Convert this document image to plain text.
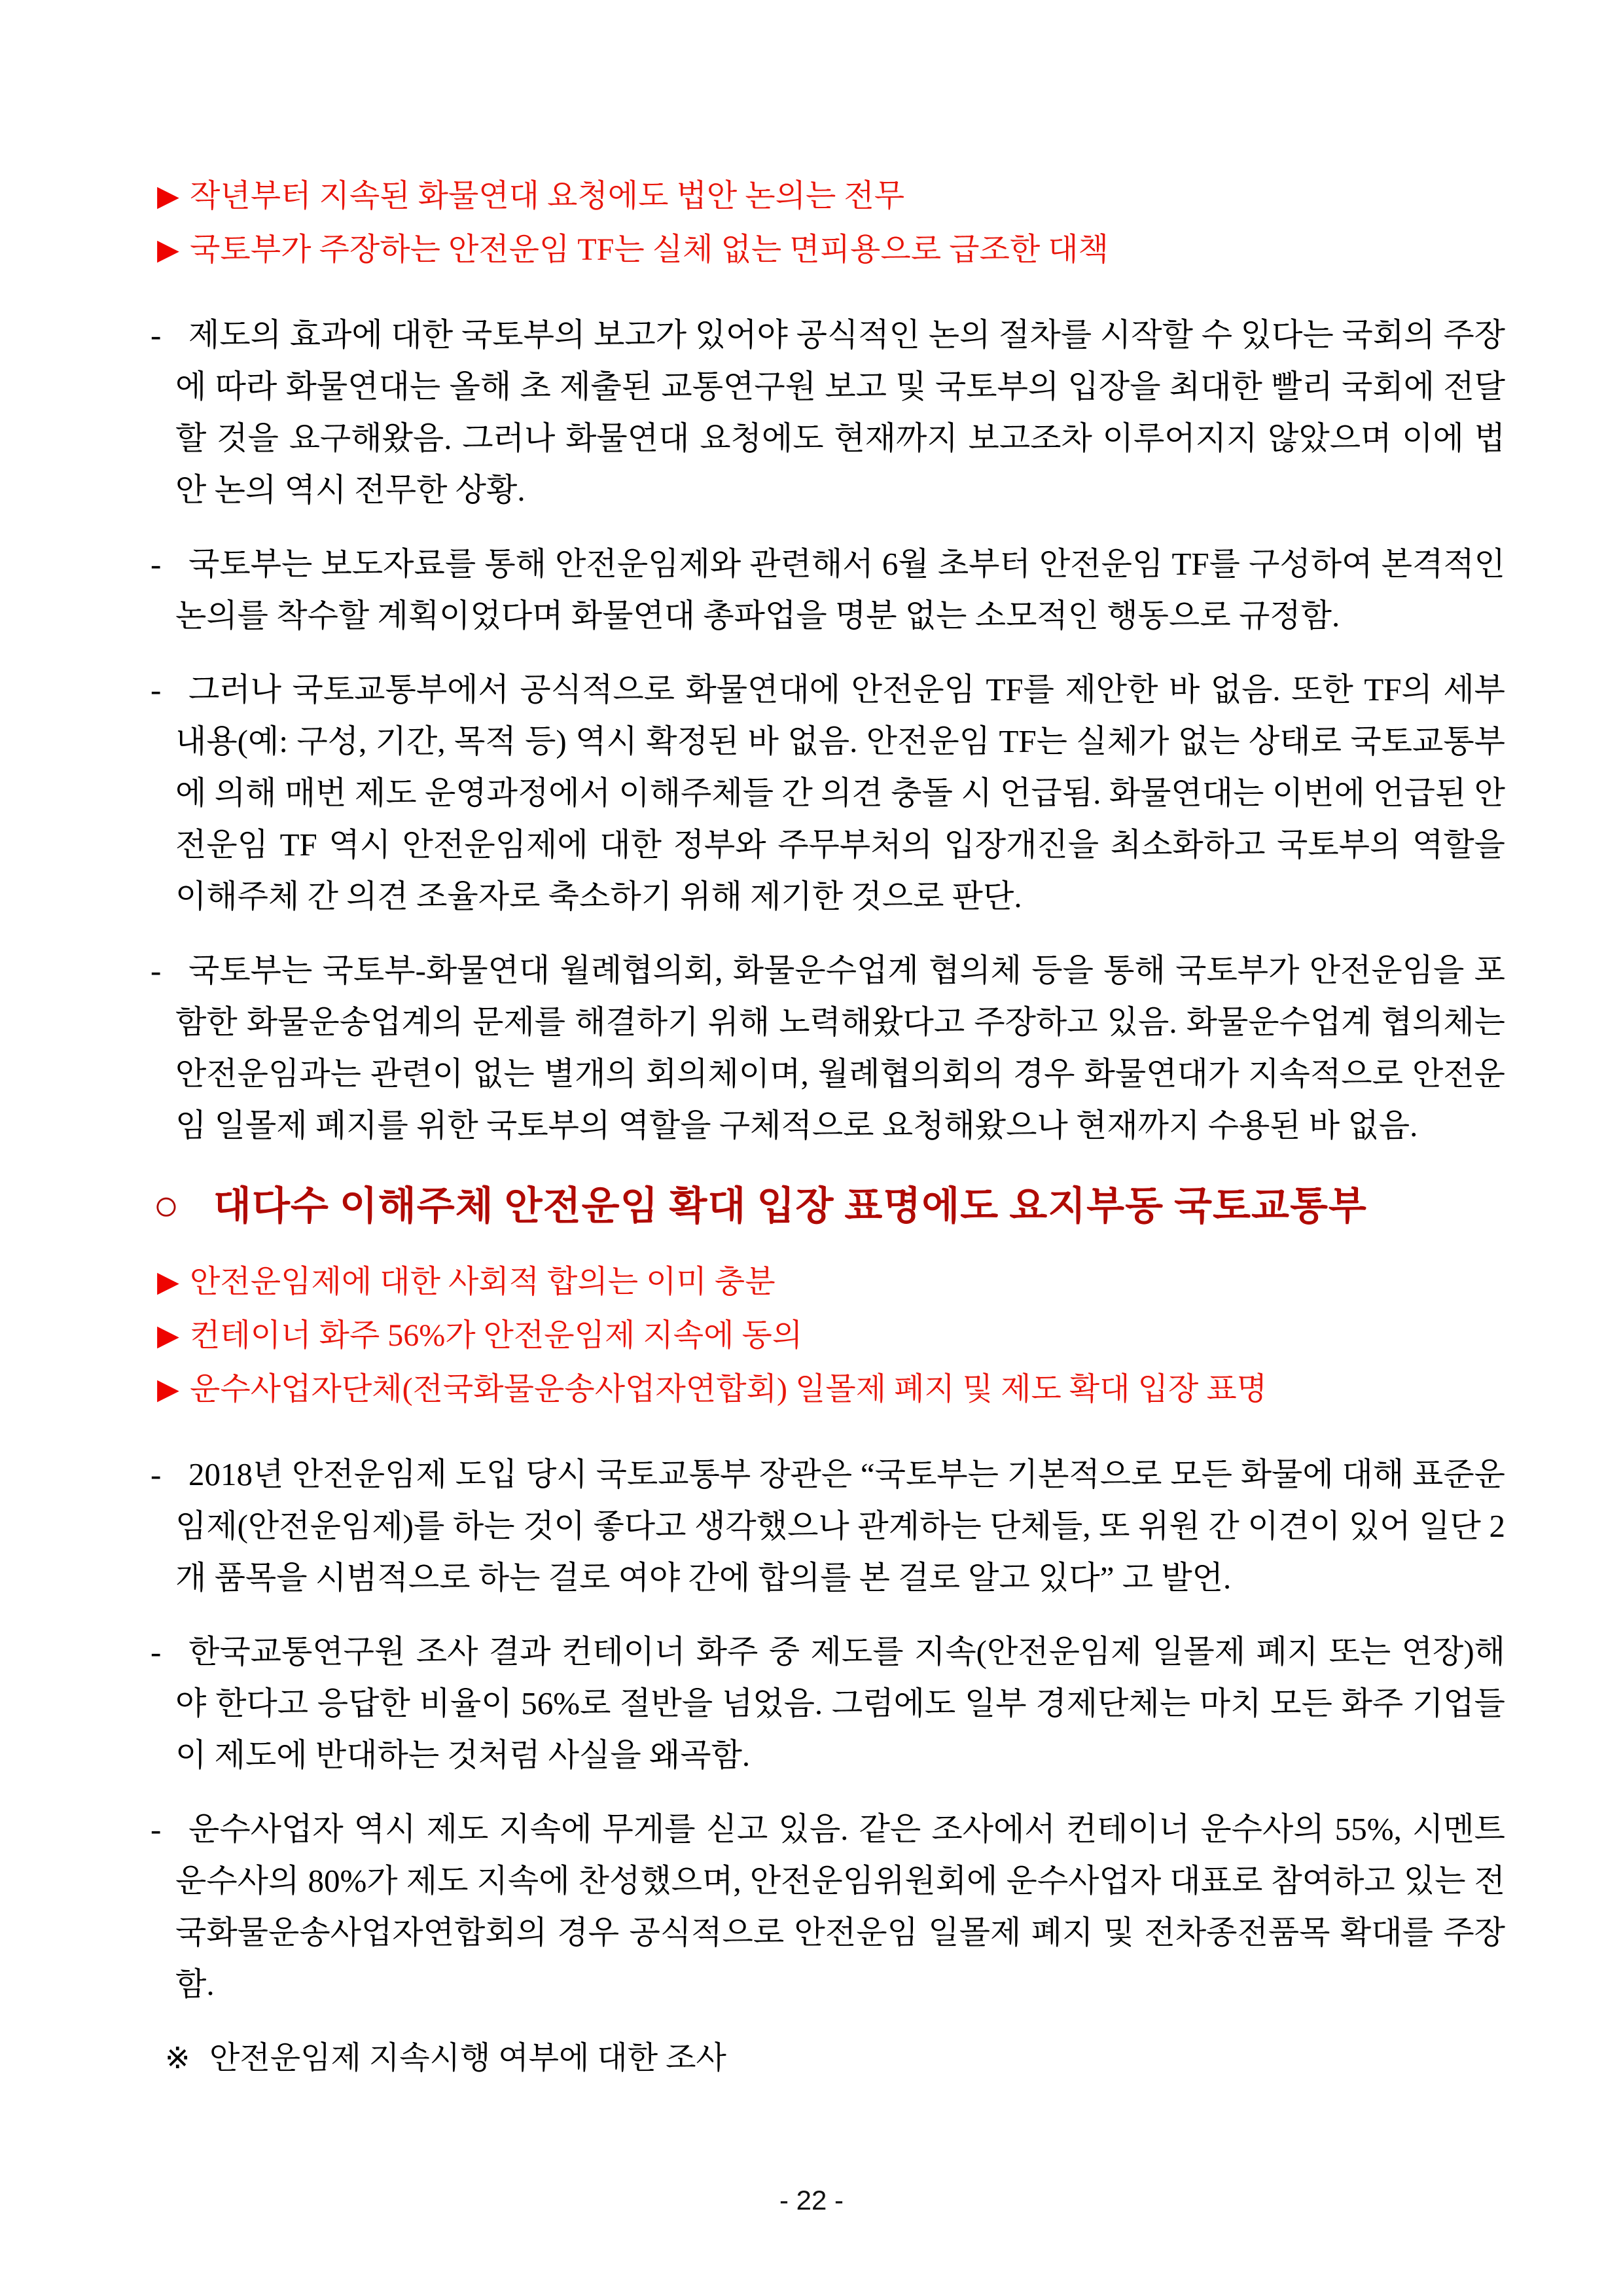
▶ 작년부터 지속된 화물연대 요청에도 법안 논의는 전무
▶ 국토부가 주장하는 안전운임 TF는 실체 없는 면피용으로 급조한 대책
- 제도의 효과에 대한 국토부의 보고가 있어야 공식적인 논의 절차를 시작할 수 있다는 국회의 주장에 따라 화물연대는 올해 초 제출된 교통연구원 보고 및 국토부의 입장을 최대한 빨리 국회에 전달할 것을 요구해왔음. 그러나 화물연대 요청에도 현재까지 보고조차 이루어지지 않았으며 이에 법안 논의 역시 전무한 상황.

- 국토부는 보도자료를 통해 안전운임제와 관련해서 6월 초부터 안전운임 TF를 구성하여 본격적인 논의를 착수할 계획이었다며 화물연대 총파업을 명분 없는 소모적인 행동으로 규정함.

- 그러나 국토교통부에서 공식적으로 화물연대에 안전운임 TF를 제안한 바 없음. 또한 TF의 세부내용(예: 구성, 기간, 목적 등) 역시 확정된 바 없음. 안전운임 TF는 실체가 없는 상태로 국토교통부에 의해 매번 제도 운영과정에서 이해주체들 간 의견 충돌 시 언급됨. 화물연대는 이번에 언급된 안전운임 TF 역시 안전운임제에 대한 정부와 주무부처의 입장개진을 최소화하고 국토부의 역할을 이해주체 간 의견 조율자로 축소하기 위해 제기한 것으로 판단.

- 국토부는 국토부-화물연대 월례협의회, 화물운수업계 협의체 등을 통해 국토부가 안전운임을 포함한 화물운송업계의 문제를 해결하기 위해 노력해왔다고 주장하고 있음. 화물운수업계 협의체는 안전운임과는 관련이 없는 별개의 회의체이며, 월례협의회의 경우 화물연대가 지속적으로 안전운임 일몰제 폐지를 위한 국토부의 역할을 구체적으로 요청해왔으나 현재까지 수용된 바 없음.

○ 대다수 이해주체 안전운임 확대 입장 표명에도 요지부동 국토교통부
▶ 안전운임제에 대한 사회적 합의는 이미 충분
▶ 컨테이너 화주 56%가 안전운임제 지속에 동의
▶ 운수사업자단체(전국화물운송사업자연합회) 일몰제 폐지 및 제도 확대 입장 표명
- 2018년 안전운임제 도입 당시 국토교통부 장관은 “국토부는 기본적으로 모든 화물에 대해 표준운임제(안전운임제)를 하는 것이 좋다고 생각했으나 관계하는 단체들, 또 위원 간 이견이 있어 일단 2개 품목을 시범적으로 하는 걸로 여야 간에 합의를 본 걸로 알고 있다” 고 발언.

- 한국교통연구원 조사 결과 컨테이너 화주 중 제도를 지속(안전운임제 일몰제 폐지 또는 연장)해야 한다고 응답한 비율이 56%로 절반을 넘었음. 그럼에도 일부 경제단체는 마치 모든 화주 기업들이 제도에 반대하는 것처럼 사실을 왜곡함.

- 운수사업자 역시 제도 지속에 무게를 싣고 있음. 같은 조사에서 컨테이너 운수사의 55%, 시멘트 운수사의 80%가 제도 지속에 찬성했으며, 안전운임위원회에 운수사업자 대표로 참여하고 있는 전국화물운송사업자연합회의 경우 공식적으로 안전운임 일몰제 폐지 및 전차종전품목 확대를 주장함.

※ 안전운임제 지속시행 여부에 대한 조사
- 22 -
